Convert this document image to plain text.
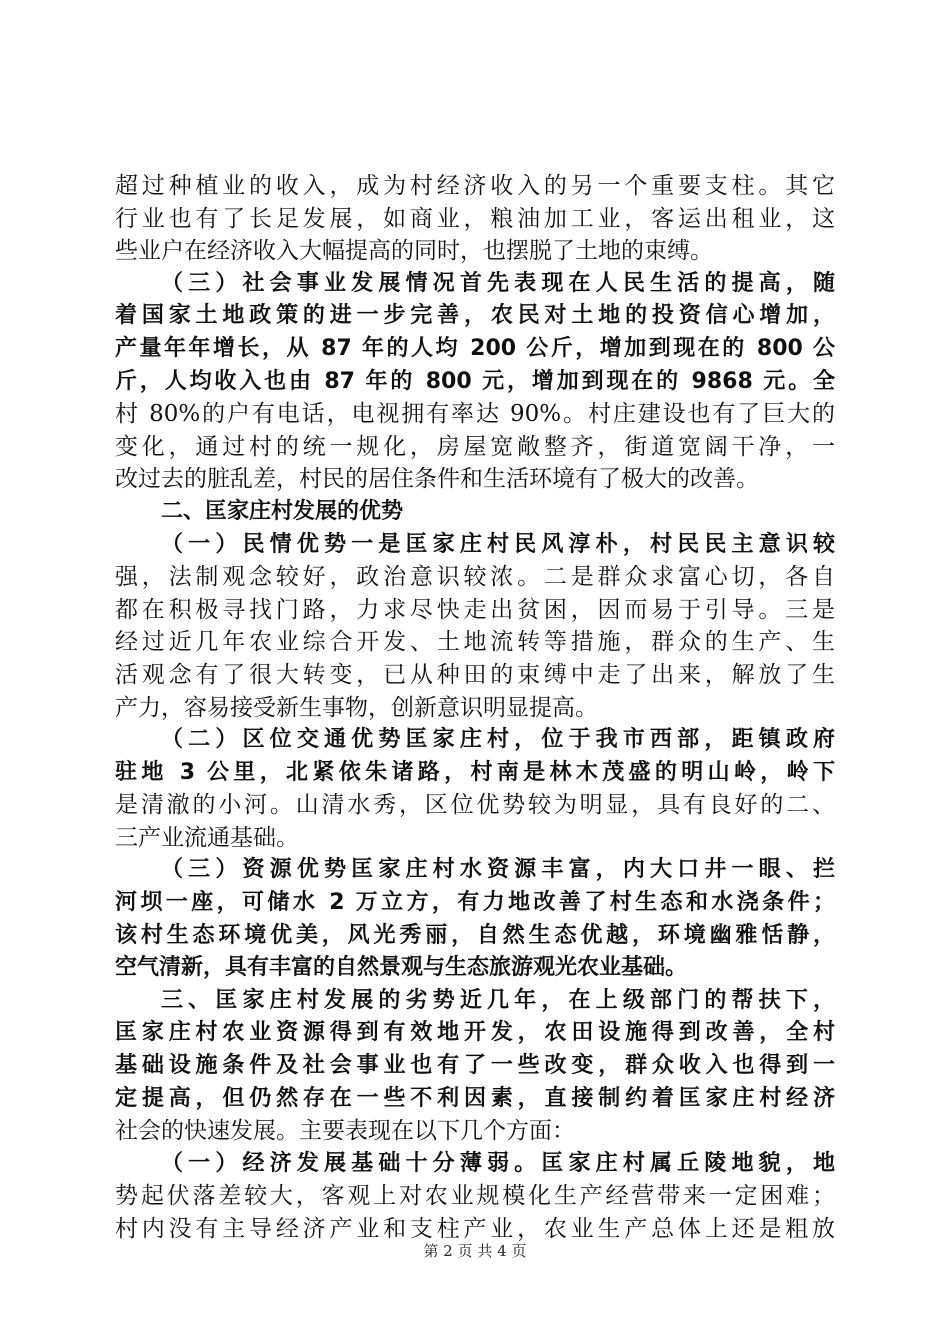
超过种植业的收入，成为村经济收入的另一个重要支柱。其它
行业也有了长足发展，如商业，粮油加工业，客运出租业，这
些业户在经济收入大幅提高的同时，也摆脱了土地的束缚。
（三）社会事业发展情况首先表现在人民生活的提高，随
着国家土地政策的进一步完善，农民对土地的投资信心增加，
产量年年增长，从 87 年的人均 200 公斤，增加到现在的 800 公
斤，人均收入也由 87 年的 800 元，增加到现在的 9868 元。全
村 80%的户有电话，电视拥有率达 90%。村庄建设也有了巨大的
变化，通过村的统一规化，房屋宽敞整齐，街道宽阔干净，一
改过去的脏乱差，村民的居住条件和生活环境有了极大的改善。
二、匡家庄村发展的优势
（一）民情优势一是匡家庄村民风淳朴，村民民主意识较
强，法制观念较好，政治意识较浓。二是群众求富心切，各自
都在积极寻找门路，力求尽快走出贫困，因而易于引导。三是
经过近几年农业综合开发、土地流转等措施，群众的生产、生
活观念有了很大转变，已从种田的束缚中走了出来，解放了生
产力，容易接受新生事物，创新意识明显提高。
（二）区位交通优势匡家庄村，位于我市西部，距镇政府
驻地 3 公里，北紧依朱诸路，村南是林木茂盛的明山岭，岭下
是清澈的小河。山清水秀，区位优势较为明显，具有良好的二、
三产业流通基础。
（三）资源优势匡家庄村水资源丰富，内大口井一眼、拦
河坝一座，可储水 2 万立方，有力地改善了村生态和水浇条件；
该村生态环境优美，风光秀丽，自然生态优越，环境幽雅恬静，
空气清新，具有丰富的自然景观与生态旅游观光农业基础。
三、匡家庄村发展的劣势近几年，在上级部门的帮扶下，
匡家庄村农业资源得到有效地开发，农田设施得到改善，全村
基础设施条件及社会事业也有了一些改变，群众收入也得到一
定提高，但仍然存在一些不利因素，直接制约着匡家庄村经济
社会的快速发展。主要表现在以下几个方面：
（一）经济发展基础十分薄弱。匡家庄村属丘陵地貌，地
势起伏落差较大，客观上对农业规模化生产经营带来一定困难；
村内没有主导经济产业和支柱产业，农业生产总体上还是粗放
第 2 页 共 4 页
